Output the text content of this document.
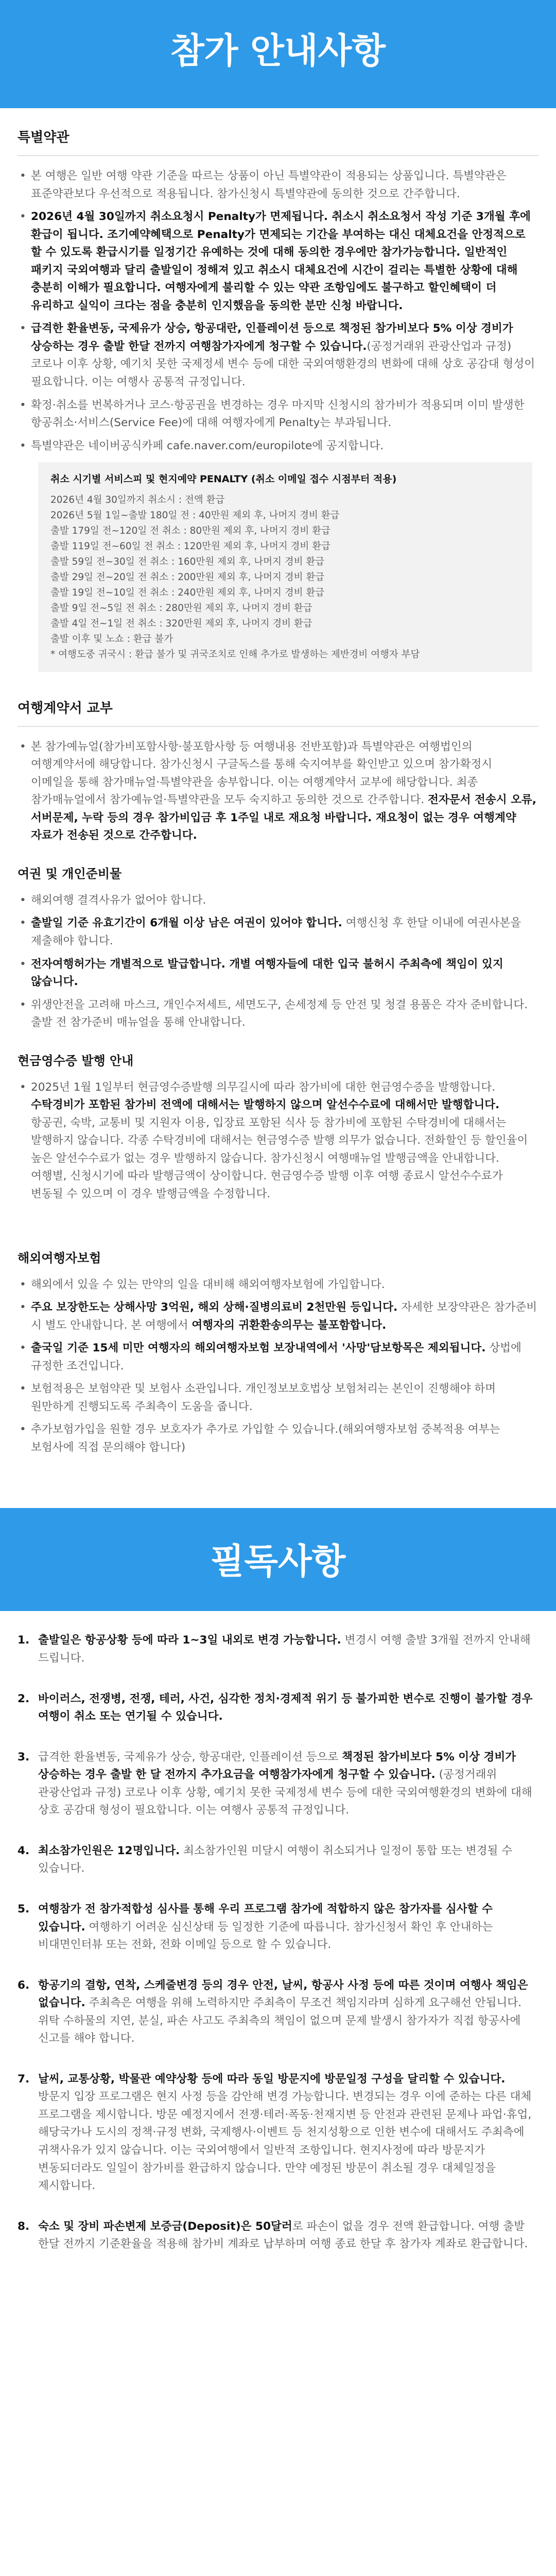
참가 안내사항
특별약관
• 본 여행은 일반 여행 약관 기준을 따르는 상품이 아닌 특별약관이 적용되는 상품입니다. 특별약관은 표준약관보다 우선적으로 적용됩니다. 참가신청시 특별약관에 동의한 것으로 간주합니다.
• 2026년 4월 30일까지 취소요청시 Penalty가 면제됩니다. 취소시 취소요청서 작성 기준 3개월 후에 환급이 됩니다. 조기예약혜택으로 Penalty가 면제되는 기간을 부여하는 대신 대체요건을 안정적으로 할 수 있도록 환급시기를 일정기간 유예하는 것에 대해 동의한 경우에만 참가가능합니다. 일반적인 패키지 국외여행과 달리 출발일이 정해져 있고 취소시 대체요건에 시간이 걸리는 특별한 상황에 대해 충분히 이해가 필요합니다. 여행자에게 불리할 수 있는 약관 조항임에도 불구하고 할인혜택이 더 유리하고 실익이 크다는 점을 충분히 인지했음을 동의한 분만 신청 바랍니다.
• 급격한 환율변동, 국제유가 상승, 항공대란, 인플레이션 등으로 책정된 참가비보다 5% 이상 경비가 상승하는 경우 출발 한달 전까지 여행참가자에게 청구할 수 있습니다.(공정거래위 관광산업과 규정) 코로나 이후 상황, 예기치 못한 국제정세 변수 등에 대한 국외여행환경의 변화에 대해 상호 공감대 형성이 필요합니다. 이는 여행사 공통적 규정입니다.
• 확정·취소를 번복하거나 코스·항공권을 변경하는 경우 마지막 신청시의 참가비가 적용되며 이미 발생한 항공취소·서비스(Service Fee)에 대해 여행자에게 Penalty는 부과됩니다.
• 특별약관은 네이버공식카페 cafe.naver.com/europilote에 공지합니다.
취소 시기별 서비스피 및 현지예약 PENALTY (취소 이메일 접수 시점부터 적용)
2026년 4월 30일까지 취소시 : 전액 환급
2026년 5월 1일~출발 180일 전 : 40만원 제외 후, 나머지 경비 환급
출발 179일 전~120일 전 취소 : 80만원 제외 후, 나머지 경비 환급
출발 119일 전~60일 전 취소 : 120만원 제외 후, 나머지 경비 환급
출발 59일 전~30일 전 취소 : 160만원 제외 후, 나머지 경비 환급
출발 29일 전~20일 전 취소 : 200만원 제외 후, 나머지 경비 환급
출발 19일 전~10일 전 취소 : 240만원 제외 후, 나머지 경비 환급
출발 9일 전~5일 전 취소 : 280만원 제외 후, 나머지 경비 환급
출발 4일 전~1일 전 취소 : 320만원 제외 후, 나머지 경비 환급
출발 이후 및 노쇼 : 환급 불가
* 여행도중 귀국시 : 환급 불가 및 귀국조치로 인해 추가로 발생하는 제반경비 여행자 부담
여행계약서 교부
• 본 참가예뉴얼(참가비포함사항·불포함사항 등 여행내용 전반포함)과 특별약관은 여행법인의 여행계약서에 해당합니다. 참가신청시 구글독스를 통해 숙지여부를 확인받고 있으며 참가확정시 이메일을 통해 참가매뉴얼·특별약관을 송부합니다. 이는 여행계약서 교부에 해당합니다. 최종 참가매뉴얼에서 참가예뉴얼·특별약관을 모두 숙지하고 동의한 것으로 간주합니다. 전자문서 전송시 오류, 서버문제, 누락 등의 경우 참가비입금 후 1주일 내로 재요청 바랍니다. 재요청이 없는 경우 여행계약 자료가 전송된 것으로 간주합니다.
여권 및 개인준비물
• 해외여행 결격사유가 없어야 합니다.
• 출발일 기준 유효기간이 6개월 이상 남은 여권이 있어야 합니다. 여행신청 후 한달 이내에 여권사본을 제출해야 합니다.
• 전자여행허가는 개별적으로 발급합니다. 개별 여행자들에 대한 입국 불허시 주최측에 책임이 있지 않습니다.
• 위생안전을 고려해 마스크, 개인수저세트, 세면도구, 손세정제 등 안전 및 청결 용품은 각자 준비합니다. 출발 전 참가준비 매뉴얼을 통해 안내합니다.
현금영수증 발행 안내
• 2025년 1월 1일부터 현금영수증발행 의무길시에 따라 참가비에 대한 현금영수증을 발행합니다. 수탁경비가 포함된 참가비 전액에 대해서는 발행하지 않으며 알선수수료에 대해서만 발행합니다. 항공권, 숙박, 교통비 및 지원자 이용, 입장료 포함된 식사 등 참가비에 포함된 수탁경비에 대해서는 발행하지 않습니다. 각종 수탁경비에 대해서는 현금영수증 발행 의무가 없습니다. 전화할인 등 할인율이 높은 알선수수료가 없는 경우 발행하지 않습니다. 참가신청시 여행매뉴얼 발행금액을 안내합니다. 여행별, 신청시기에 따라 발행금액이 상이합니다. 현금영수증 발행 이후 여행 종료시 알선수수료가 변동될 수 있으며 이 경우 발행금액을 수정합니다.
해외여행자보험
• 해외에서 있을 수 있는 만약의 일을 대비해 해외여행자보험에 가입합니다.
• 주요 보장한도는 상해사망 3억원, 해외 상해·질병의료비 2천만원 등입니다. 자세한 보장약관은 참가준비 시 별도 안내합니다. 본 여행에서 여행자의 귀환환송의무는 불포함합니다.
• 출국일 기준 15세 미만 여행자의 해외여행자보험 보장내역에서 '사망'담보항목은 제외됩니다. 상법에 규정한 조건입니다.
• 보험적용은 보험약관 및 보험사 소관입니다. 개인정보보호법상 보험처리는 본인이 진행해야 하며 원만하게 진행되도록 주최측이 도움을 줍니다.
• 추가보험가입을 원할 경우 보호자가 추가로 가입할 수 있습니다.(해외여행자보험 중복적용 여부는 보험사에 직접 문의해야 합니다)
필독사항
1. 출발일은 항공상황 등에 따라 1~3일 내외로 변경 가능합니다. 변경시 여행 출발 3개월 전까지 안내해 드립니다.
2. 바이러스, 전쟁병, 전쟁, 테러, 사건, 심각한 정치·경제적 위기 등 불가피한 변수로 진행이 불가할 경우 여행이 취소 또는 연기될 수 있습니다.
3. 급격한 환율변동, 국제유가 상승, 항공대란, 인플레이션 등으로 책정된 참가비보다 5% 이상 경비가 상승하는 경우 출발 한 달 전까지 추가요금을 여행참가자에게 청구할 수 있습니다. (공정거래위 관광산업과 규정) 코로나 이후 상황, 예기치 못한 국제정세 변수 등에 대한 국외여행환경의 변화에 대해 상호 공감대 형성이 필요합니다. 이는 여행사 공통적 규정입니다.
4. 최소참가인원은 12명입니다. 최소참가인원 미달시 여행이 취소되거나 일정이 통합 또는 변경될 수 있습니다.
5. 여행참가 전 참가적합성 심사를 통해 우리 프로그램 참가에 적합하지 않은 참가자를 심사할 수 있습니다. 여행하기 어려운 심신상태 등 일정한 기준에 따릅니다. 참가신청서 확인 후 안내하는 비대면인터뷰 또는 전화, 전화 이메일 등으로 할 수 있습니다.
6. 항공기의 결항, 연착, 스케줄변경 등의 경우 안전, 날씨, 항공사 사정 등에 따른 것이며 여행사 책임은 없습니다. 주최측은 여행을 위해 노력하지만 주최측이 무조건 책임지라며 심하게 요구해선 안됩니다. 위탁 수하물의 지연, 분실, 파손 사고도 주최측의 책임이 없으며 문제 발생시 참가자가 직접 항공사에 신고를 해야 합니다.
7. 날씨, 교통상황, 박물관 예약상황 등에 따라 동일 방문지에 방문일정 구성을 달리할 수 있습니다. 방문지 입장 프로그램은 현지 사정 등을 감안해 변경 가능합니다. 변경되는 경우 이에 준하는 다른 대체 프로그램을 제시합니다. 방문 예정지에서 전쟁·테러·폭동·천재지변 등 안전과 관련된 문제나 파업·휴업, 해당국가나 도시의 정책·규정 변화, 국제행사·이벤트 등 천지성황으로 인한 변수에 대해서도 주최측에 귀책사유가 있지 않습니다. 이는 국외여행에서 일반적 조항입니다. 현지사정에 따라 방문지가 변동되더라도 일일이 참가비를 환급하지 않습니다. 만약 예정된 방문이 취소될 경우 대체일정을 제시합니다.
8. 숙소 및 장비 파손변제 보증금(Deposit)은 50달러로 파손이 없을 경우 전액 환급합니다. 여행 출발 한달 전까지 기준환율을 적용해 참가비 계좌로 납부하며 여행 종료 한달 후 참가자 계좌로 환급합니다.
